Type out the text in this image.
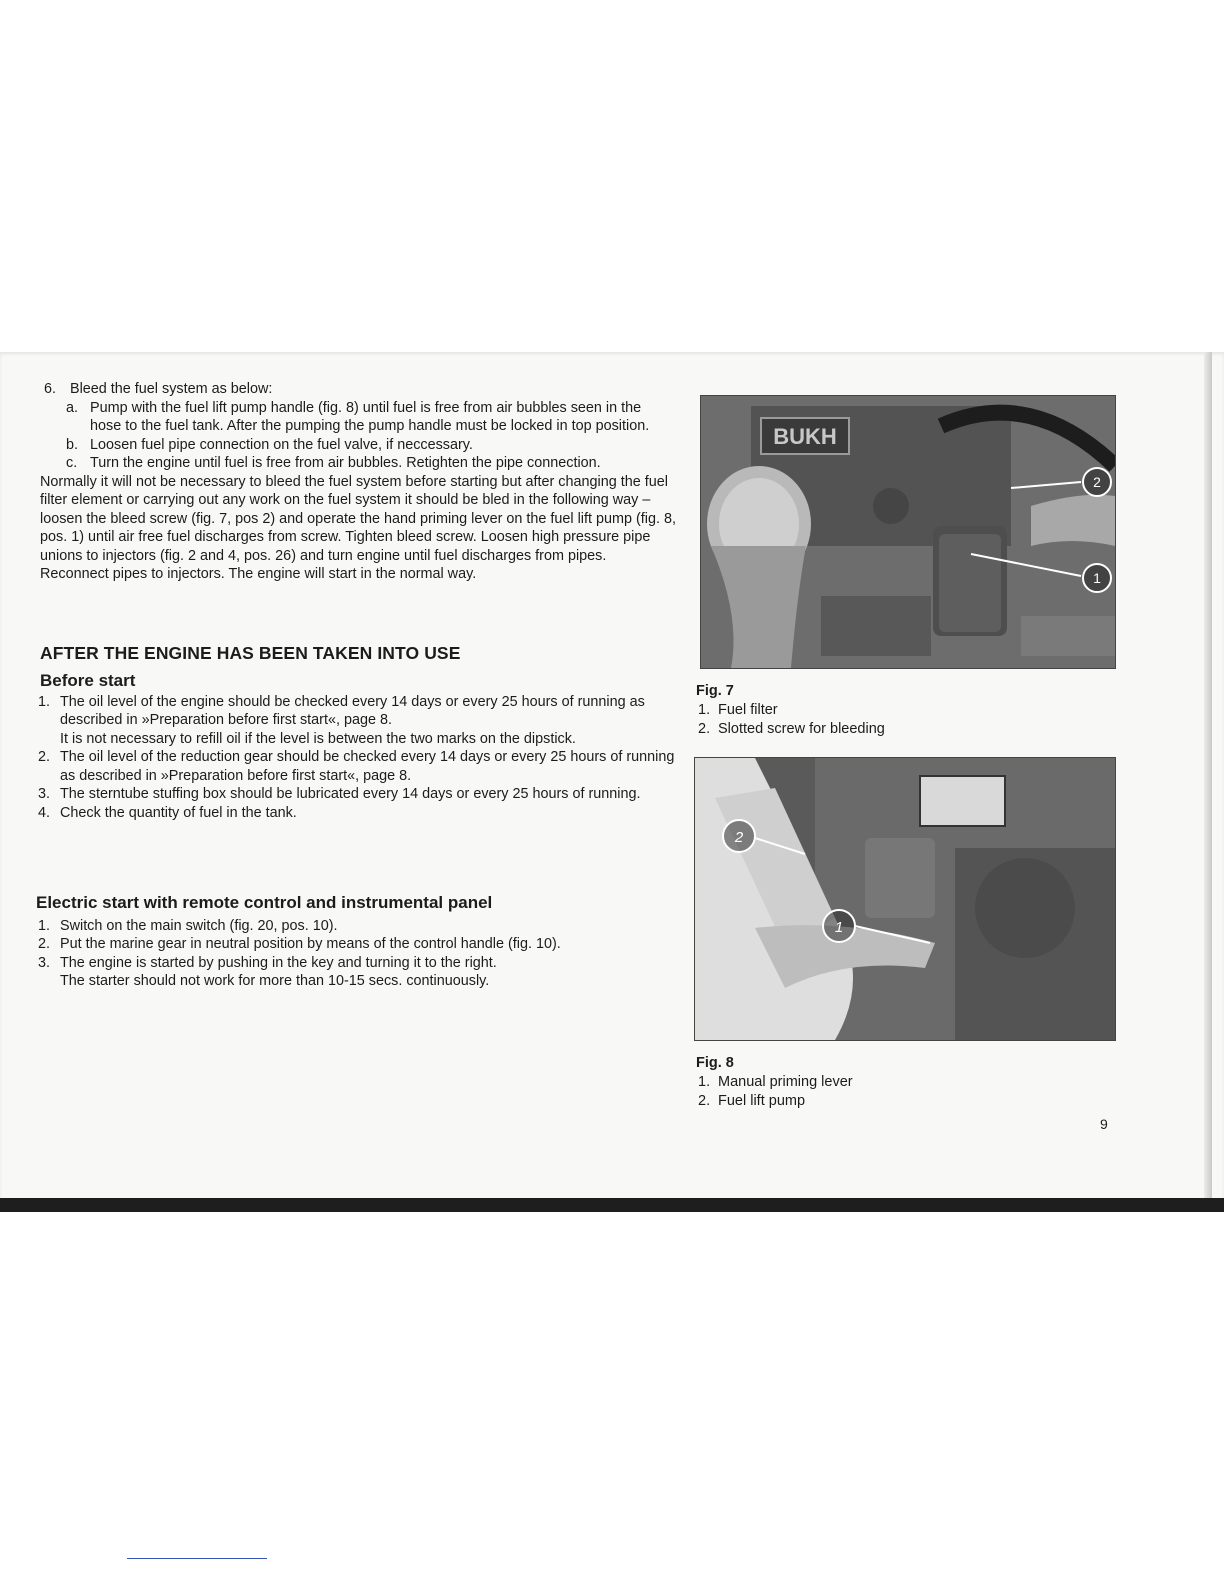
6. Bleed the fuel system as below:
a. Pump with the fuel lift pump handle (fig. 8) until fuel is free from air bubbles seen in the hose to the fuel tank. After the pumping the pump handle must be locked in top position.
b. Loosen fuel pipe connection on the fuel valve, if neccessary.
c. Turn the engine until fuel is free from air bubbles. Retighten the pipe connection.

Normally it will not be necessary to bleed the fuel system before starting but after changing the fuel filter element or carrying out any work on the fuel system it should be bled in the following way – loosen the bleed screw (fig. 7, pos 2) and operate the hand priming lever on the fuel lift pump (fig. 8, pos. 1) until air free fuel discharges from screw. Tighten bleed screw. Loosen high pressure pipe unions to injectors (fig. 2 and 4, pos. 26) and turn engine until fuel discharges from pipes. Reconnect pipes to injectors. The engine will start in the normal way.

AFTER THE ENGINE HAS BEEN TAKEN INTO USE
Before start
1. The oil level of the engine should be checked every 14 days or every 25 hours of running as described in »Preparation before first start«, page 8.
It is not necessary to refill oil if the level is between the two marks on the dipstick.
2. The oil level of the reduction gear should be checked every 14 days or every 25 hours of running as described in »Preparation before first start«, page 8.
3. The sterntube stuffing box should be lubricated every 14 days or every 25 hours of running.
4. Check the quantity of fuel in the tank.
Electric start with remote control and instrumental panel
1. Switch on the main switch (fig. 20, pos. 10).
2. Put the marine gear in neutral position by means of the control handle (fig. 10).
3. The engine is started by pushing in the key and turning it to the right.
The starter should not work for more than 10-15 secs. continuously.
BUKH
2
1
Fig. 7
1. Fuel filter
2. Slotted screw for bleeding
2
1
Fig. 8
1. Manual priming lever
2. Fuel lift pump
9
